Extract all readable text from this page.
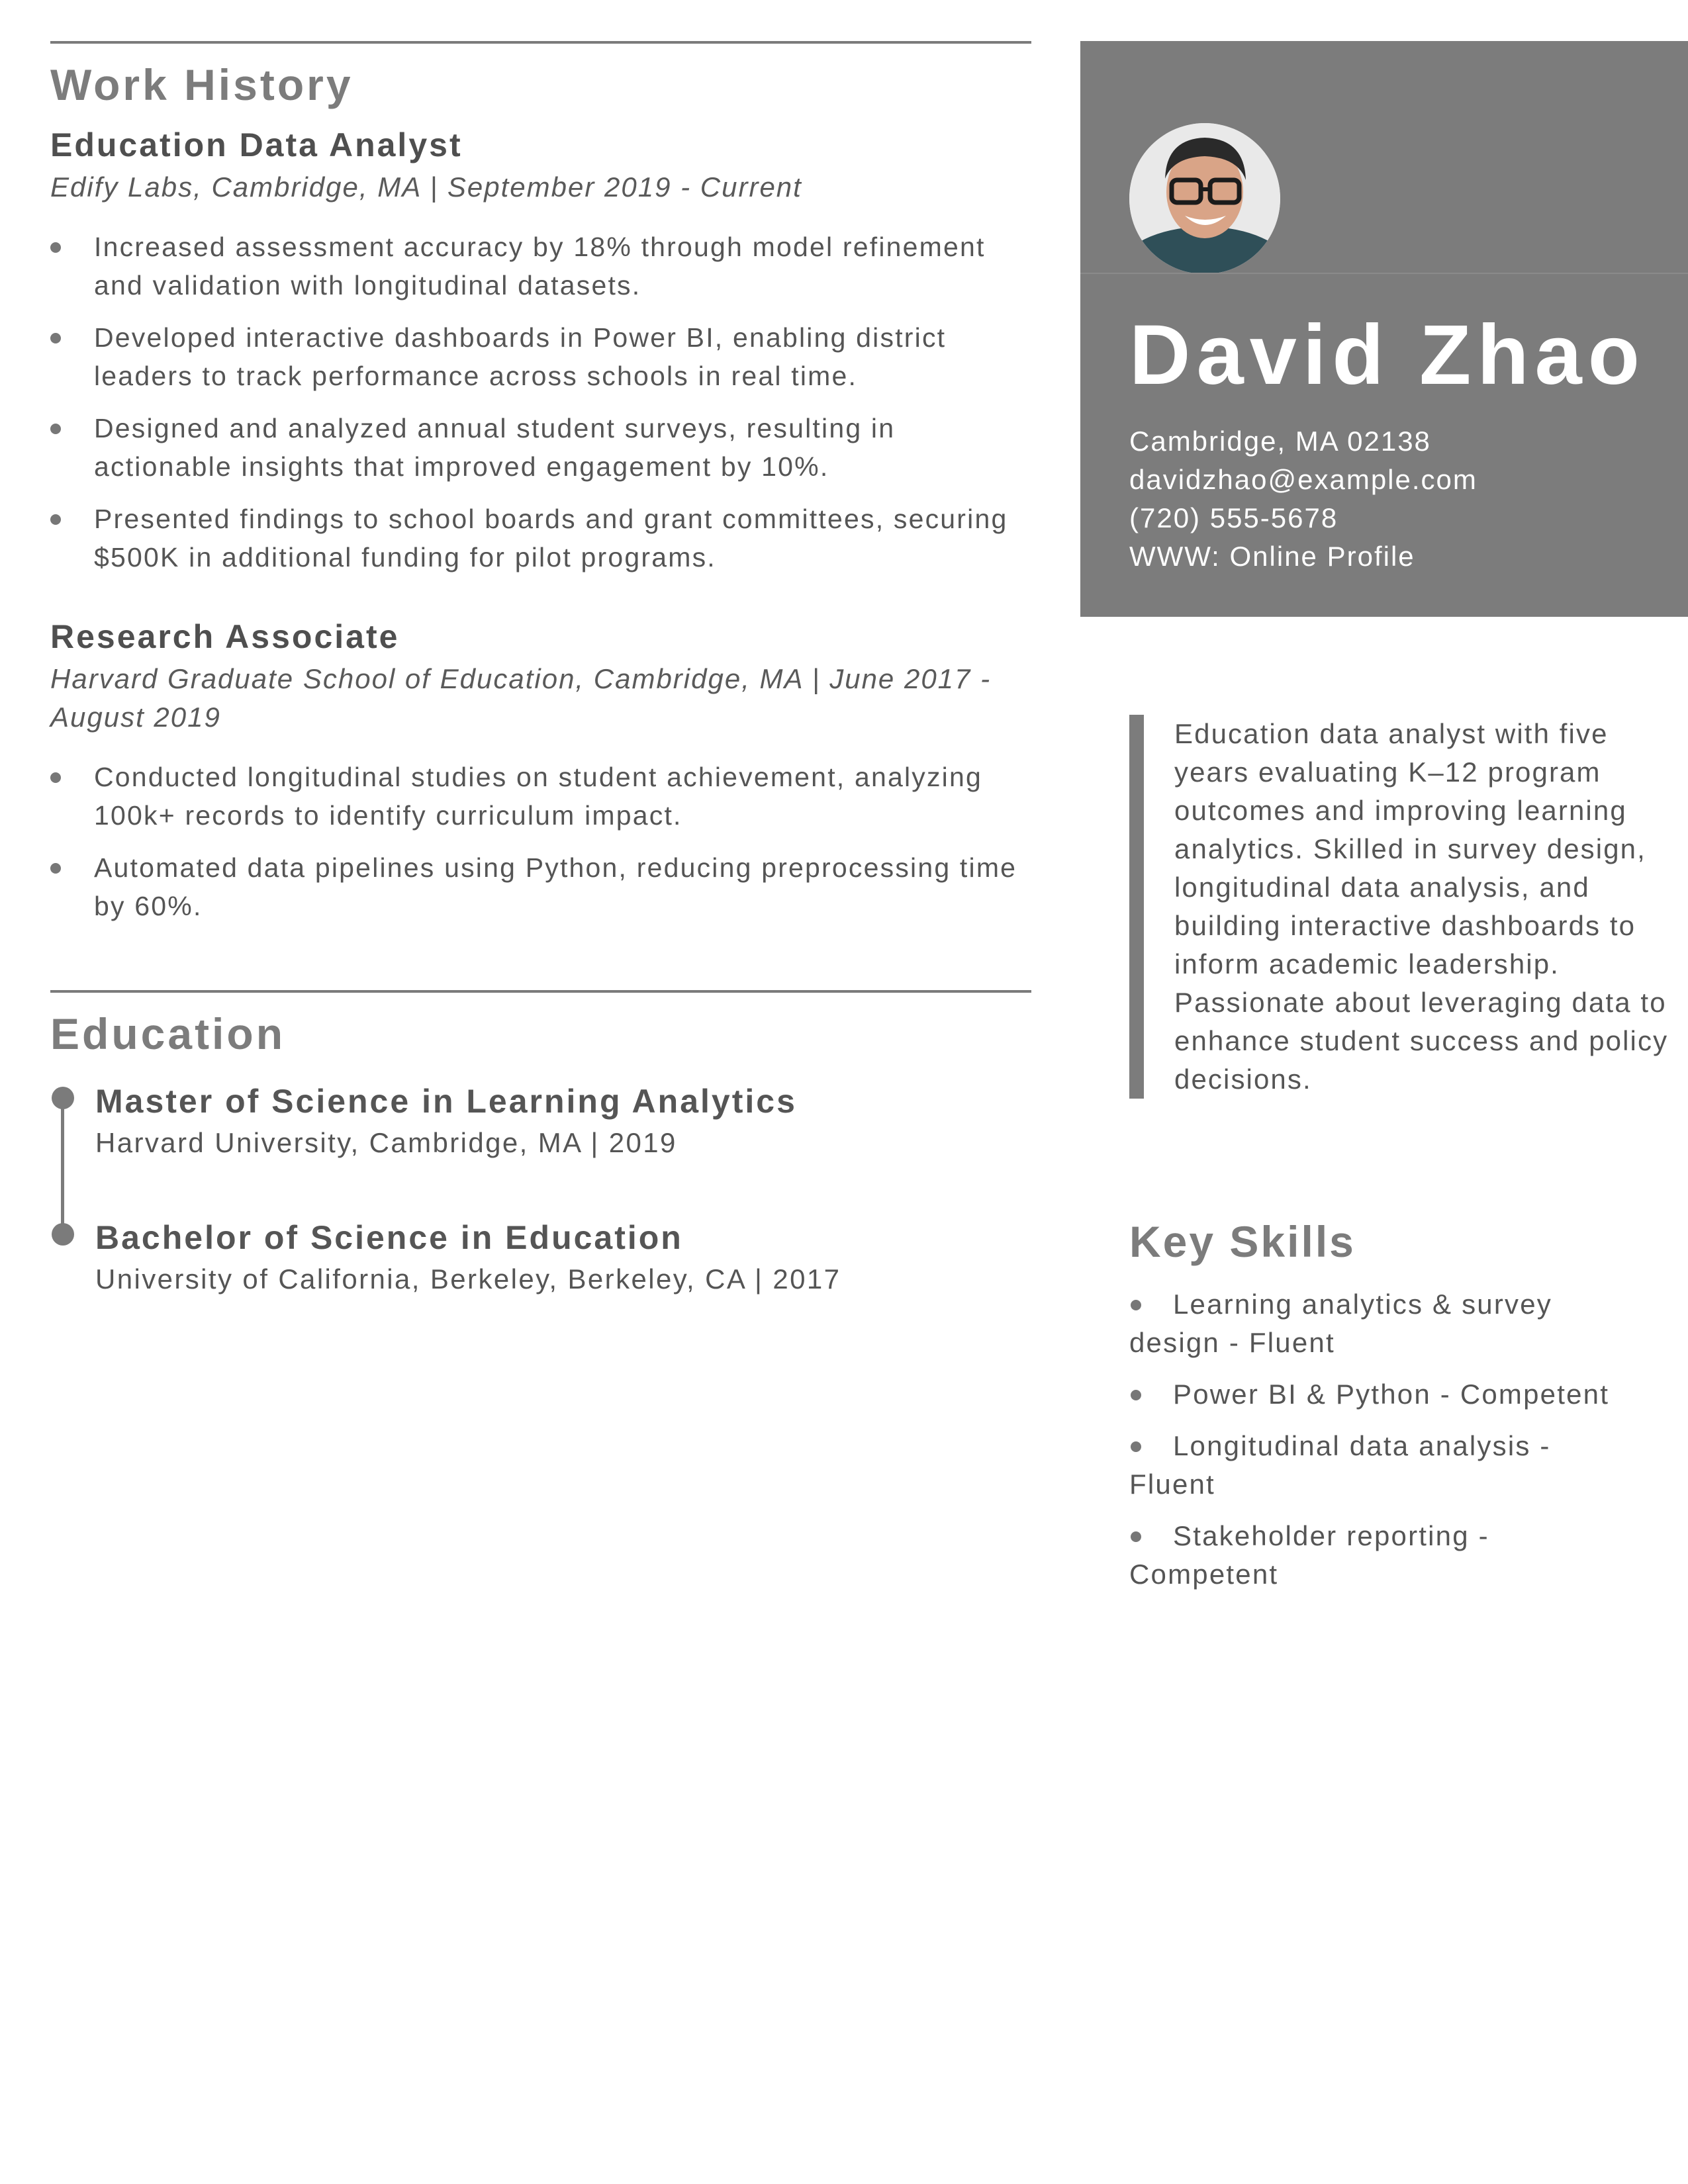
Work History
Education Data Analyst
Edify Labs, Cambridge, MA | September 2019 - Current
Increased assessment accuracy by 18% through model refinement and validation with longitudinal datasets.
Developed interactive dashboards in Power BI, enabling district leaders to track performance across schools in real time.
Designed and analyzed annual student surveys, resulting in actionable insights that improved engagement by 10%.
Presented findings to school boards and grant committees, securing $500K in additional funding for pilot programs.
Research Associate
Harvard Graduate School of Education, Cambridge, MA | June 2017 - August 2019
Conducted longitudinal studies on student achievement, analyzing 100k+ records to identify curriculum impact.
Automated data pipelines using Python, reducing preprocessing time by 60%.
Education
Master of Science in Learning Analytics
Harvard University, Cambridge, MA | 2019
Bachelor of Science in Education
University of California, Berkeley, Berkeley, CA | 2017
David Zhao
Cambridge, MA 02138
davidzhao@example.com
(720) 555-5678
WWW: Online Profile
Education data analyst with five years evaluating K–12 program outcomes and improving learning analytics. Skilled in survey design, longitudinal data analysis, and building interactive dashboards to inform academic leadership. Passionate about leveraging data to enhance student success and policy decisions.
Key Skills
Learning analytics & survey design - Fluent
Power BI & Python - Competent
Longitudinal data analysis - Fluent
Stakeholder reporting - Competent
